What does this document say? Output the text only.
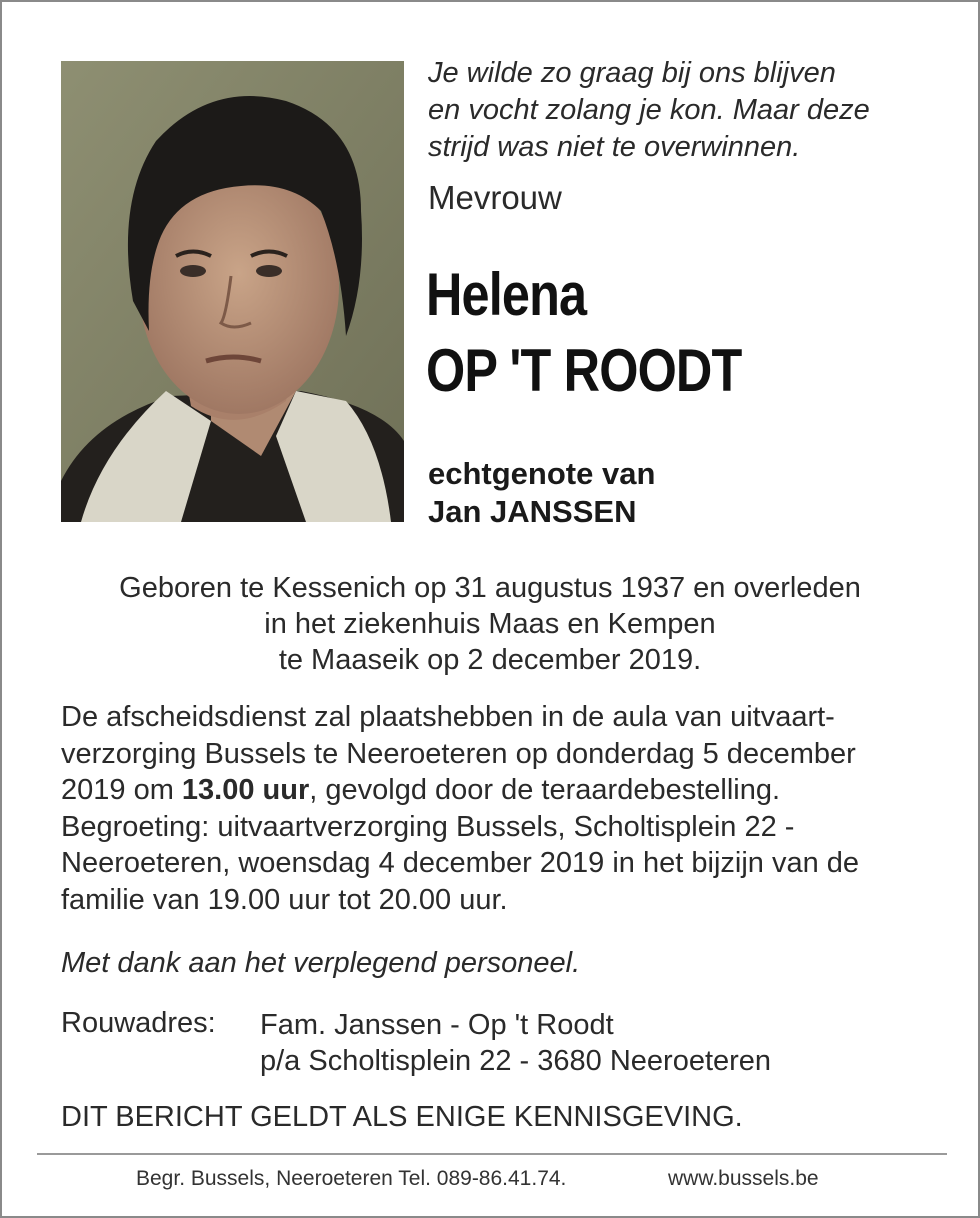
Je wilde zo graag bij ons blijven
en vocht zolang je kon. Maar deze
strijd was niet te overwinnen.
Mevrouw
Helena
OP 'T ROODT
echtgenote van
Jan JANSSEN
Geboren te Kessenich op 31 augustus 1937 en overleden
in het ziekenhuis Maas en Kempen
te Maaseik op 2 december 2019.
De afscheidsdienst zal plaatshebben in de aula van uitvaart-
verzorging Bussels te Neeroeteren op donderdag 5 december
2019 om 13.00 uur, gevolgd door de teraardebestelling.
Begroeting: uitvaartverzorging Bussels, Scholtisplein 22 -
Neeroeteren, woensdag 4 december 2019 in het bijzijn van de
familie van 19.00 uur tot 20.00 uur.
Met dank aan het verplegend personeel.
Rouwadres: Fam. Janssen - Op 't Roodt
p/a Scholtisplein 22 - 3680 Neeroeteren
DIT BERICHT GELDT ALS ENIGE KENNISGEVING.
Begr. Bussels, Neeroeteren Tel. 089-86.41.74.	www.bussels.be
